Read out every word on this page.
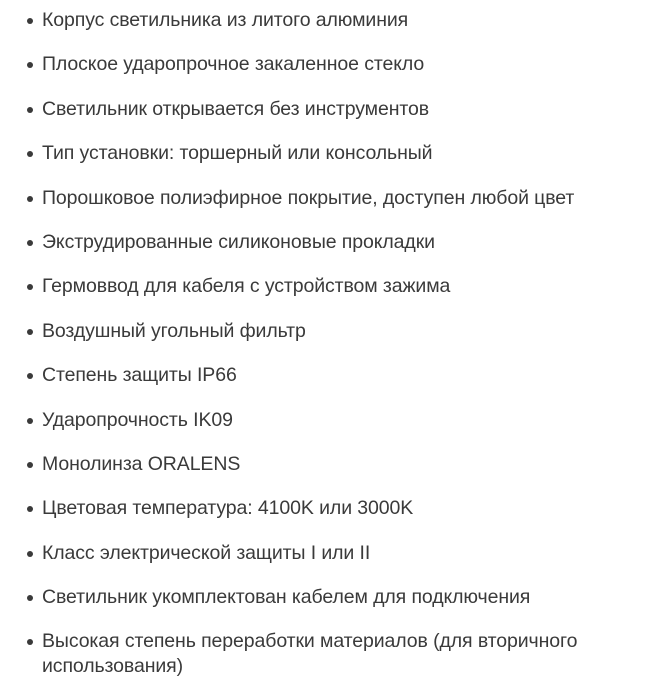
Корпус светильника из литого алюминия
Плоское ударопрочное закаленное стекло
Светильник открывается без инструментов
Тип установки: торшерный или консольный
Порошковое полиэфирное покрытие, доступен любой цвет
Экструдированные силиконовые прокладки
Гермоввод для кабеля с устройством зажима
Воздушный угольный фильтр
Степень защиты IP66
Ударопрочность IK09
Монолинза ORALENS
Цветовая температура: 4100K или 3000K
Класс электрической защиты I или II
Светильник укомплектован кабелем для подключения
Высокая степень переработки материалов (для вторичного использования)
